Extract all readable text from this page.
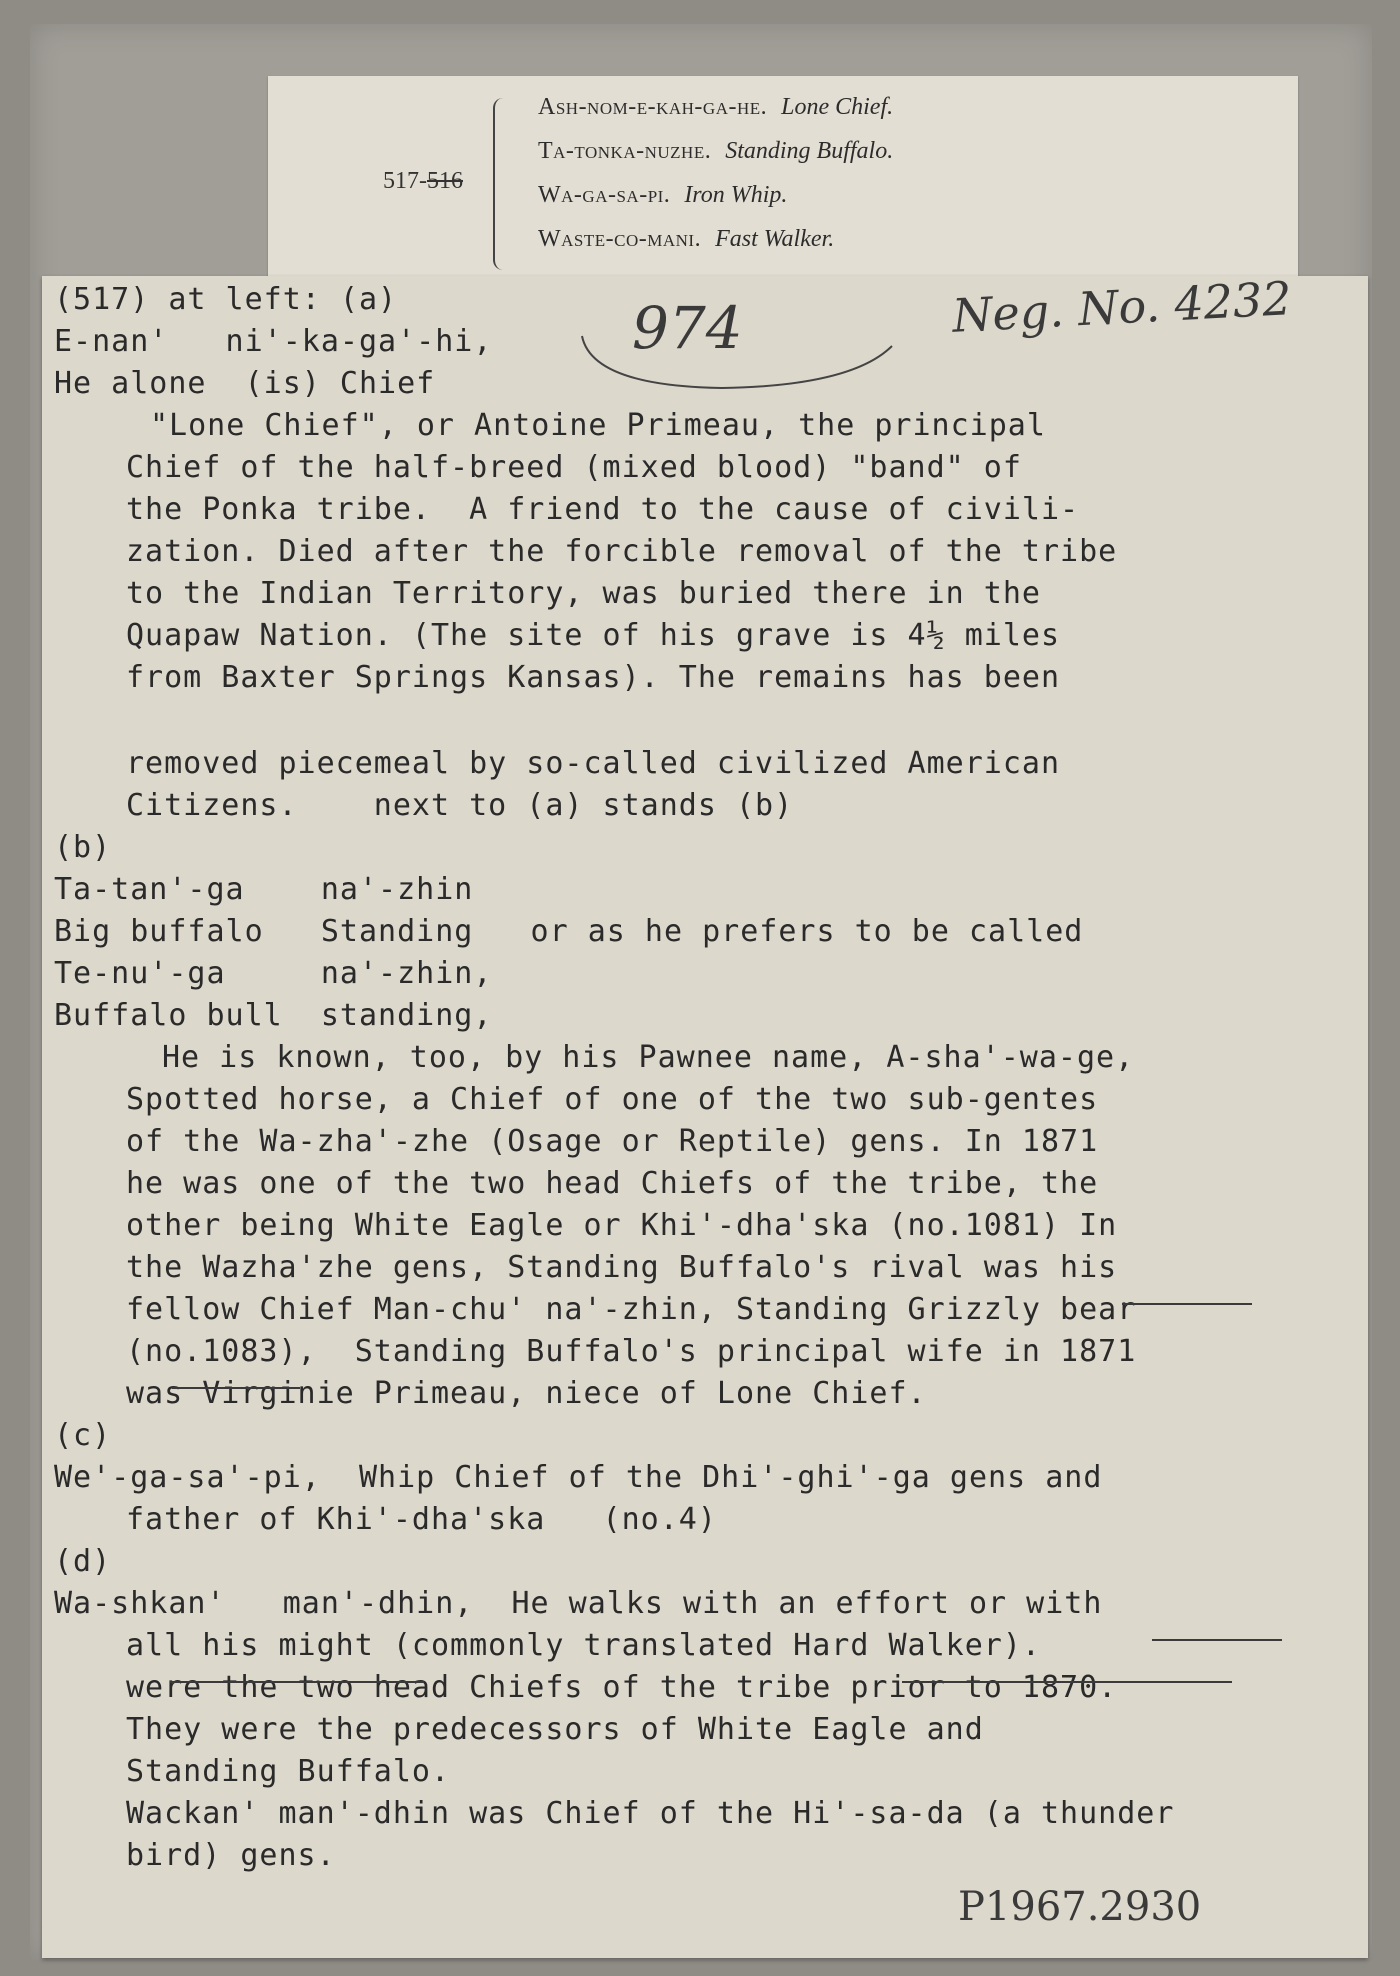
517-516
Ash-nom-e-kah-ga-he. Lone Chief.
Ta-tonka-nuzhe. Standing Buffalo.
Wa-ga-sa-pi. Iron Whip.
Waste-co-mani. Fast Walker.
974	Neg. No. 4232
(517) at left: (a)
E-nan'   ni'-ka-ga'-hi,
He alone  (is) Chief
"Lone Chief", or Antoine Primeau, the principal
Chief of the half-breed (mixed blood) "band" of
the Ponka tribe.  A friend to the cause of civili-
zation. Died after the forcible removal of the tribe
to the Indian Territory, was buried there in the
Quapaw Nation. (The site of his grave is 4½ miles
from Baxter Springs Kansas). The remains has been
removed piecemeal by so-called civilized American
Citizens.    next to (a) stands (b)
(b)
Ta-tan'-ga    na'-zhin
Big buffalo   Standing   or as he prefers to be called
Te-nu'-ga     na'-zhin,
Buffalo bull  standing,
He is known, too, by his Pawnee name, A-sha'-wa-ge,
Spotted horse, a Chief of one of the two sub-gentes
of the Wa-zha'-zhe (Osage or Reptile) gens. In 1871
he was one of the two head Chiefs of the tribe, the
other being White Eagle or Khi'-dha'ska (no.1081) In
the Wazha'zhe gens, Standing Buffalo's rival was his
fellow Chief Man-chu' na'-zhin, Standing Grizzly bear
(no.1083),  Standing Buffalo's principal wife in 1871
was Virginie Primeau, niece of Lone Chief.
(c)
We'-ga-sa'-pi,  Whip Chief of the Dhi'-ghi'-ga gens and
father of Khi'-dha'ska   (no.4)
(d)
Wa-shkan'   man'-dhin,  He walks with an effort or with
all his might (commonly translated Hard Walker).
were the two head Chiefs of the tribe prior to 1870.
They were the predecessors of White Eagle and
Standing Buffalo.
Wackan' man'-dhin was Chief of the Hi'-sa-da (a thunder
bird) gens.
P1967.2930
